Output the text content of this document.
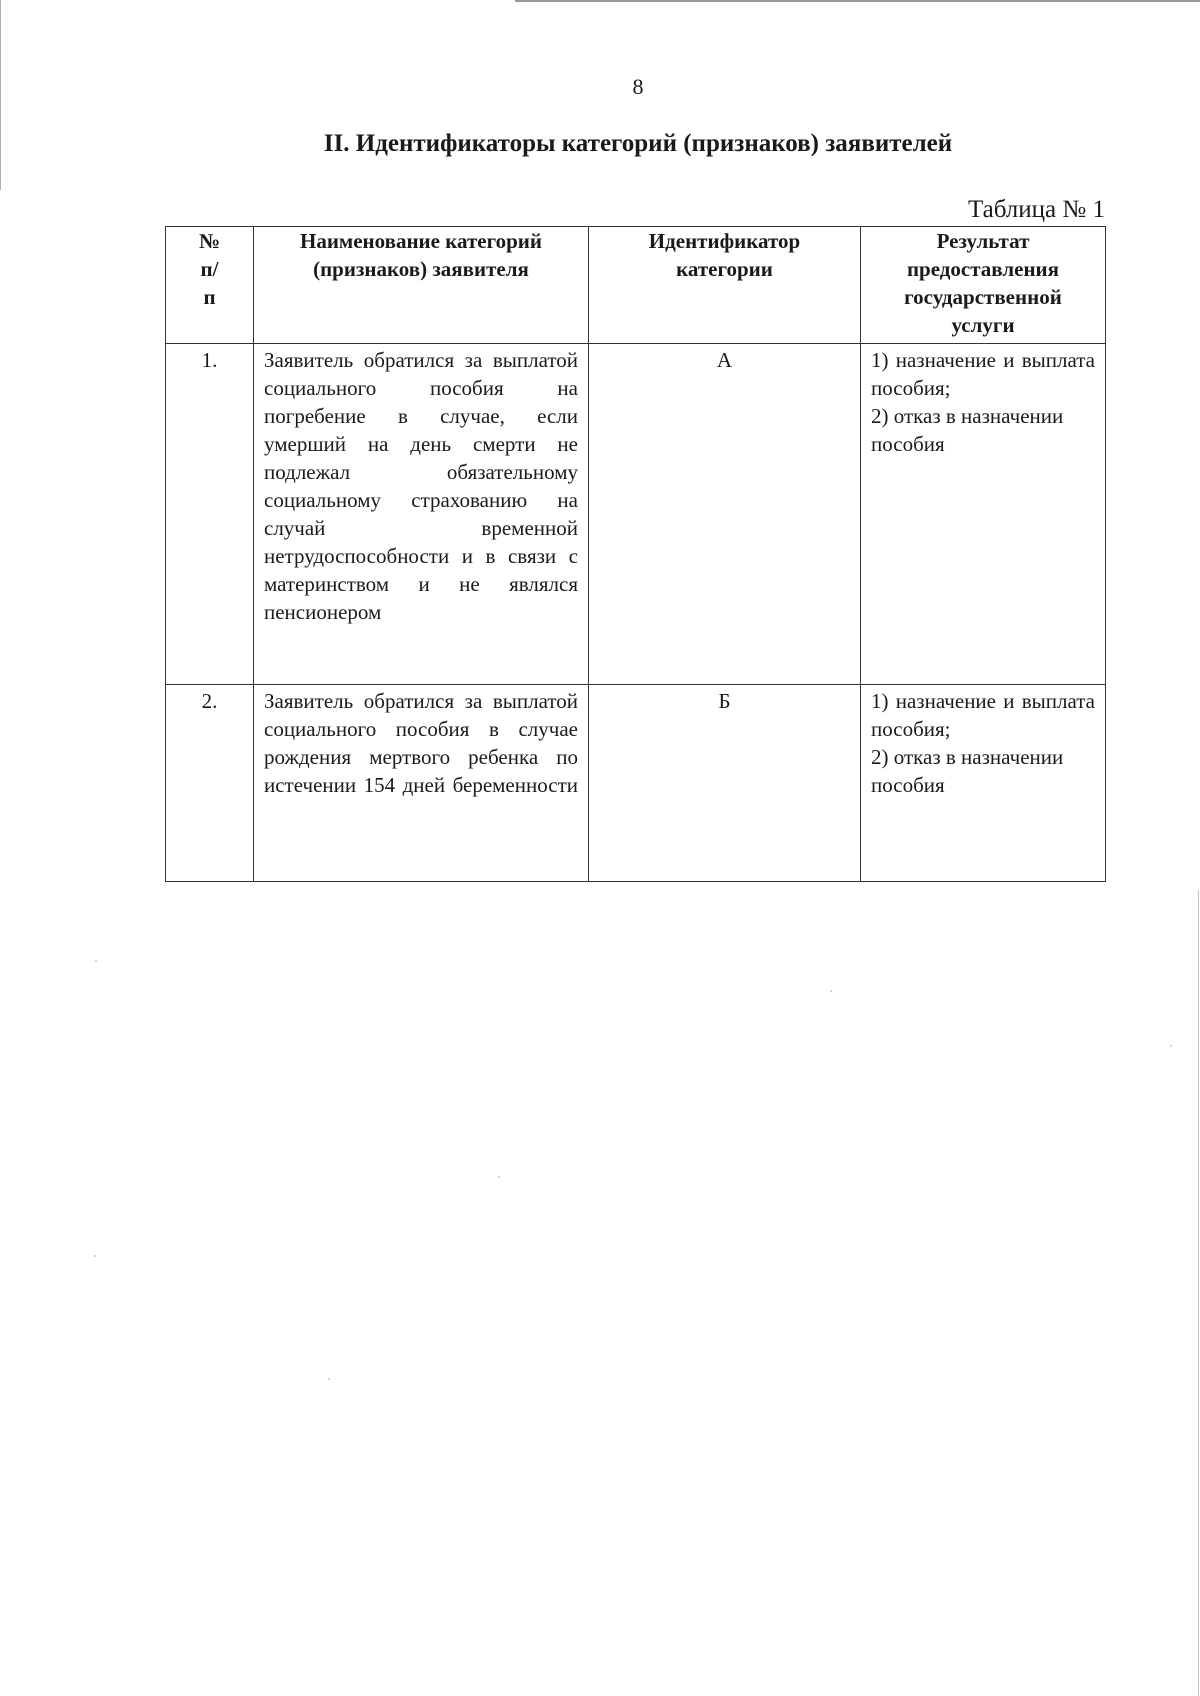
8
II. Идентификаторы категорий (признаков) заявителей
Таблица № 1
№ п/п	Наименование категорий (признаков) заявителя	Идентификатор категории	Результат предоставления государственной услуги
1.	Заявитель обратился за выплатой социального пособия на погребение в случае, если умерший на день смерти не подлежал обязательному социальному страхованию на случай временной нетрудоспособности и в связи с материнством и не являлся пенсионером	А	1) назначение и выплата пособия;
2) отказ в назначении пособия

2.	Заявитель обратился за выплатой социального пособия в случае рождения мертвого ребенка по истечении 154 дней беременности	Б	1) назначение и выплата пособия;
2) отказ в назначении пособия
